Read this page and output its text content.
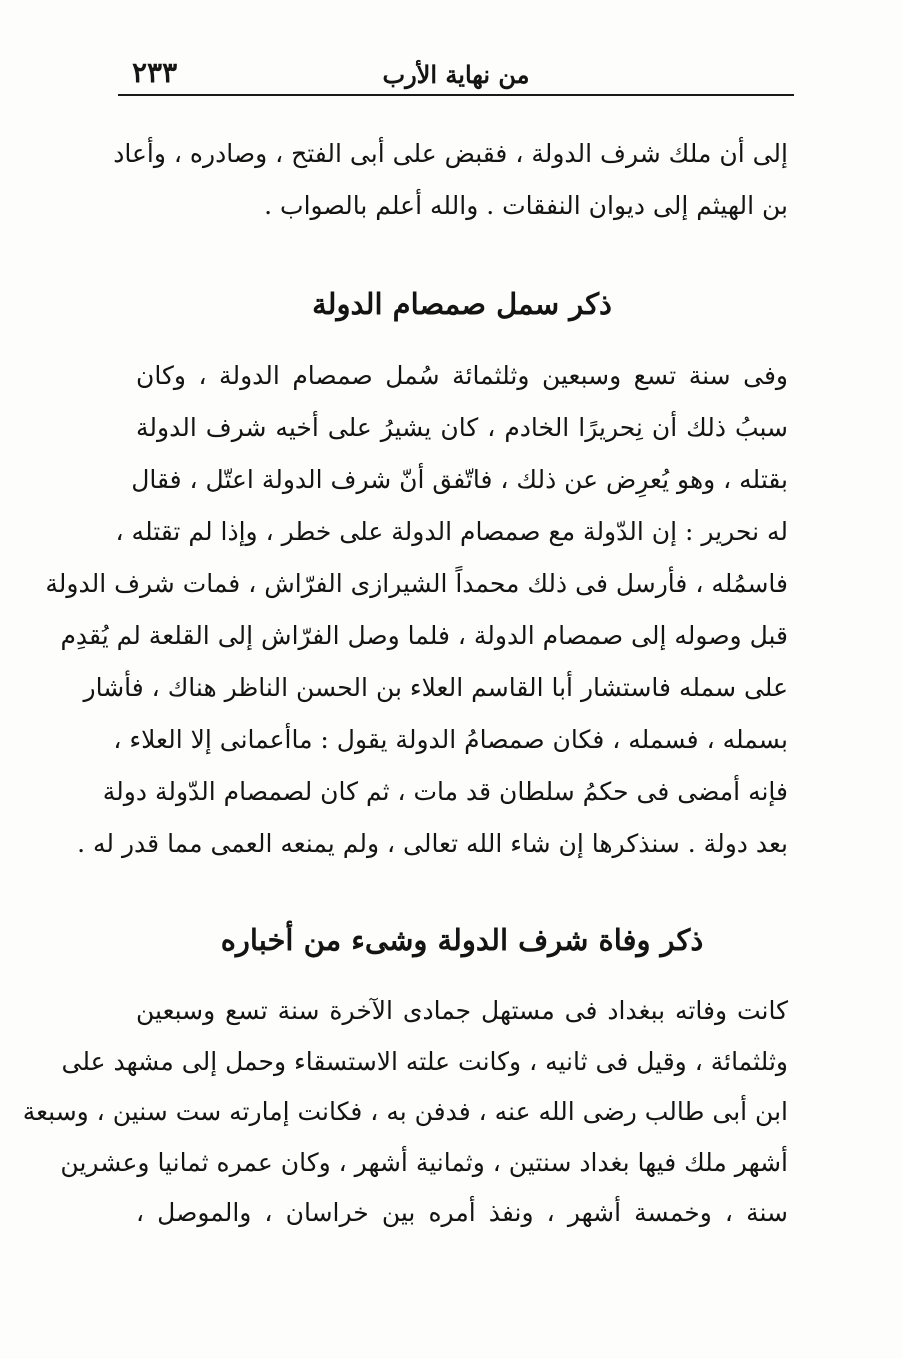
٢٣٣	من نهاية الأرب
إلى أن ملك شرف الدولة ، فقبض على أبى الفتح ، وصادره ، وأعاد
بن الهيثم إلى ديوان النفقات . والله أعلم بالصواب .
ذكر سمل صمصام الدولة
وفى سنة تسع وسبعين وثلثمائة سُمل صمصام الدولة ، وكان
سببُ ذلك أن نِحريرًا الخادم ، كان يشيرُ على أخيه شرف الدولة
بقتله ، وهو يُعرِض عن ذلك ، فاتّفق أنّ شرف الدولة اعتّل ، فقال
له نحرير : إن الدّولة مع صمصام الدولة على خطر ، وإذا لم تقتله ،
فاسمُله ، فأرسل فى ذلك محمداً الشيرازى الفرّاش ، فمات شرف الدولة
قبل وصوله إلى صمصام الدولة ، فلما وصل الفرّاش إلى القلعة لم يُقدِم
على سمله فاستشار أبا القاسم العلاء بن الحسن الناظر هناك ، فأشار
بسمله ، فسمله ، فكان صمصامُ الدولة يقول : ماأعمانى إلا العلاء ،
فإنه أمضى فى حكمُ سلطان قد مات ، ثم كان لصمصام الدّولة دولة
بعد دولة . سنذكرها إن شاء الله تعالى ، ولم يمنعه العمى مما قدر له .
ذكر وفاة شرف الدولة وشىء من أخباره
كانت وفاته ببغداد فى مستهل جمادى الآخرة سنة تسع وسبعين
وثلثمائة ، وقيل فى ثانيه ، وكانت علته الاستسقاء وحمل إلى مشهد على
ابن أبى طالب رضى الله عنه ، فدفن به ، فكانت إمارته ست سنين ، وسبعة
أشهر ملك فيها بغداد سنتين ، وثمانية أشهر ، وكان عمره ثمانيا وعشرين
سنة ، وخمسة أشهر ، ونفذ أمره بين خراسان ، والموصل ،
